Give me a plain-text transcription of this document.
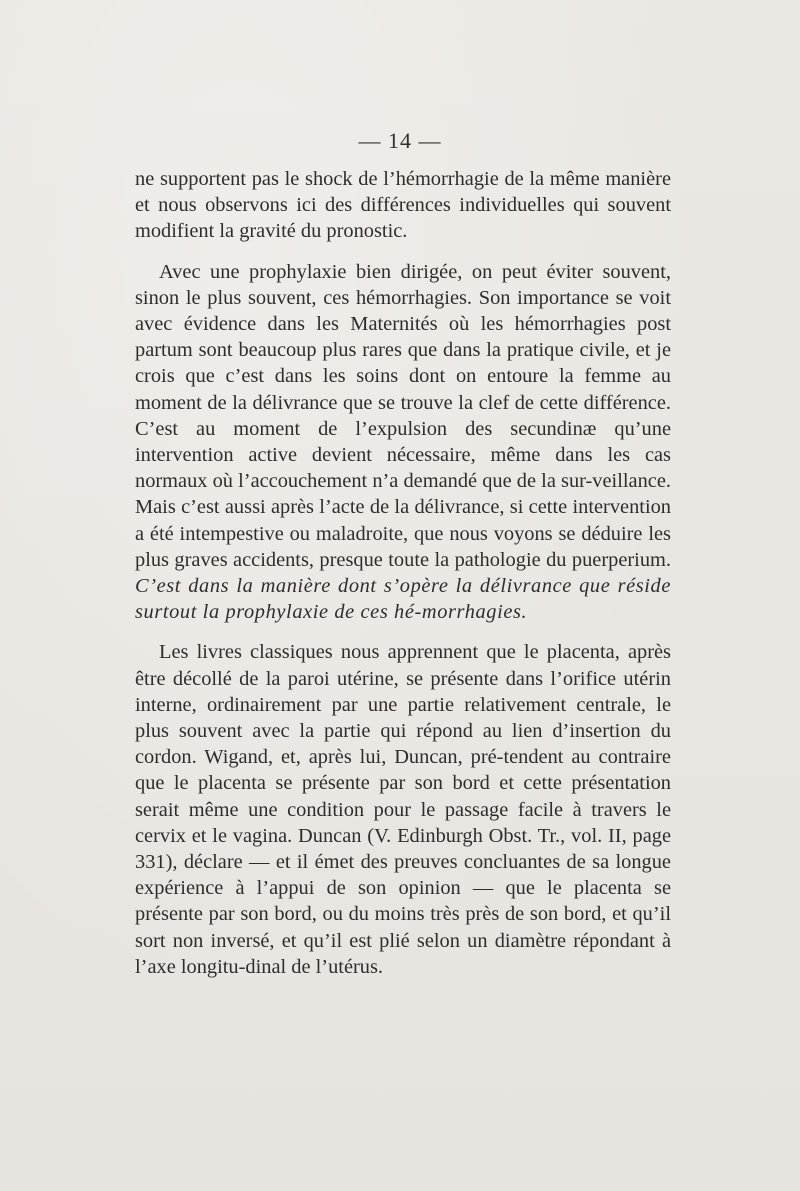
— 14 —

ne supportent pas le shock de l’hémorrhagie de la même manière et nous observons ici des différences individuelles qui souvent modifient la gravité du pronostic.

Avec une prophylaxie bien dirigée, on peut éviter souvent, sinon le plus souvent, ces hémorrhagies. Son importance se voit avec évidence dans les Maternités où les hémorrhagies post partum sont beaucoup plus rares que dans la pratique civile, et je crois que c’est dans les soins dont on entoure la femme au moment de la délivrance que se trouve la clef de cette différence. C’est au moment de l’expulsion des secundinæ qu’une intervention active devient nécessaire, même dans les cas normaux où l’accouchement n’a demandé que de la sur-veillance. Mais c’est aussi après l’acte de la délivrance, si cette intervention a été intempestive ou maladroite, que nous voyons se déduire les plus graves accidents, presque toute la pathologie du puerperium. C’est dans la manière dont s’opère la délivrance que réside surtout la prophylaxie de ces hé-morrhagies.

Les livres classiques nous apprennent que le placenta, après être décollé de la paroi utérine, se présente dans l’orifice utérin interne, ordinairement par une partie relativement centrale, le plus souvent avec la partie qui répond au lien d’insertion du cordon. Wigand, et, après lui, Duncan, pré-tendent au contraire que le placenta se présente par son bord et cette présentation serait même une condition pour le passage facile à travers le cervix et le vagina. Duncan (V. Edinburgh Obst. Tr., vol. II, page 331), déclare — et il émet des preuves concluantes de sa longue expérience à l’appui de son opinion — que le placenta se présente par son bord, ou du moins très près de son bord, et qu’il sort non inversé, et qu’il est plié selon un diamètre répondant à l’axe longitu-dinal de l’utérus.
